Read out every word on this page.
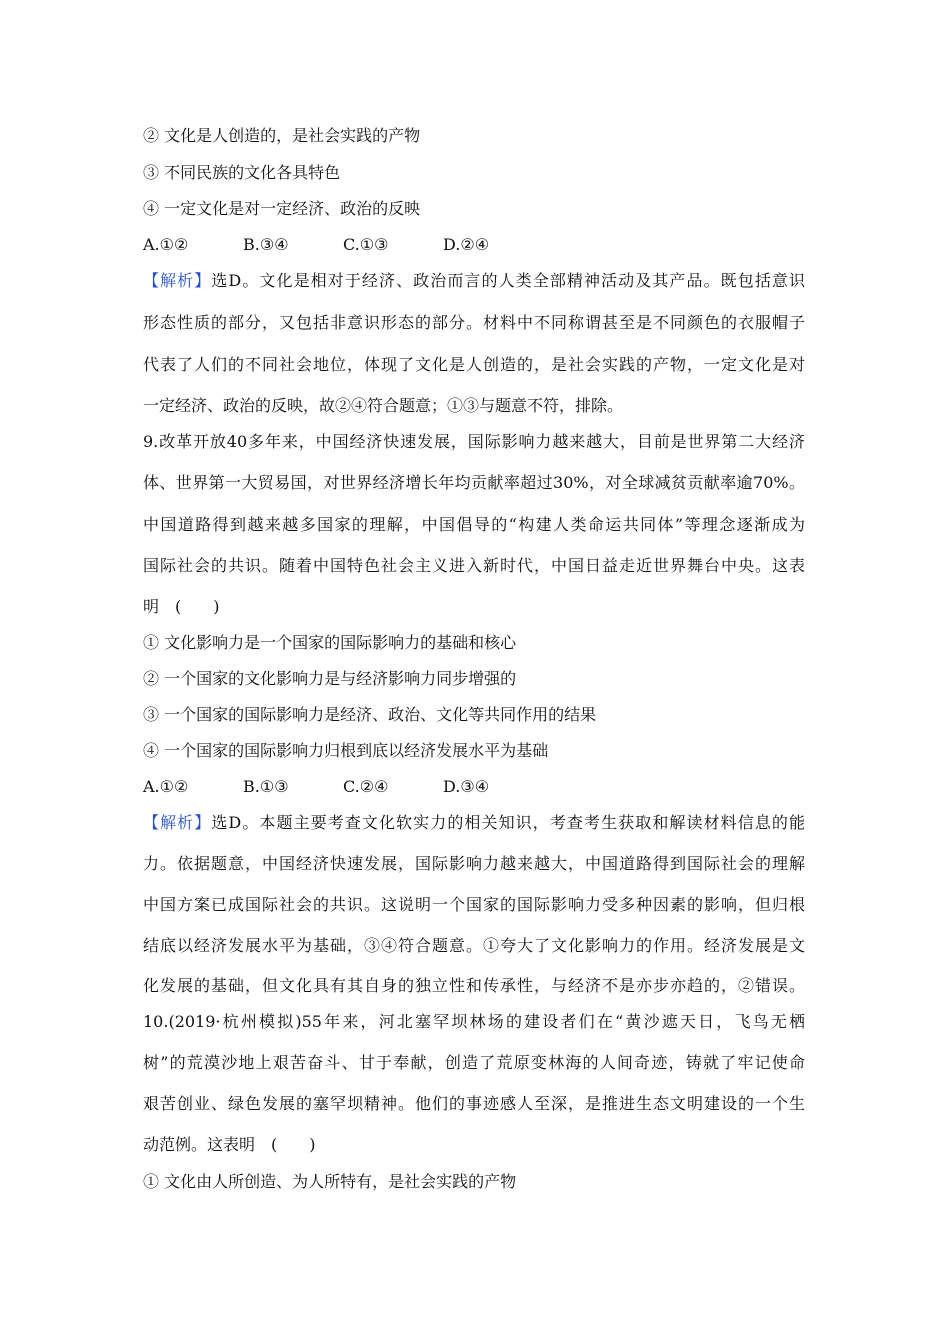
② 文化是人创造的，是社会实践的产物
③ 不同民族的文化各具特色
④ 一定文化是对一定经济、政治的反映
A.①②	B.③④	C.①③	D.②④
【解析】选D。文化是相对于经济、政治而言的人类全部精神活动及其产品。既包括意识
形态性质的部分，又包括非意识形态的部分。材料中不同称谓甚至是不同颜色的衣服帽子
代表了人们的不同社会地位，体现了文化是人创造的，是社会实践的产物，一定文化是对
一定经济、政治的反映，故②④符合题意；①③与题意不符，排除。
9.改革开放40多年来，中国经济快速发展，国际影响力越来越大，目前是世界第二大经济
体、世界第一大贸易国，对世界经济增长年均贡献率超过30%，对全球减贫贡献率逾70%。
中国道路得到越来越多国家的理解，中国倡导的“构建人类命运共同体”等理念逐渐成为
国际社会的共识。随着中国特色社会主义进入新时代，中国日益走近世界舞台中央。这表
明　(　　)
① 文化影响力是一个国家的国际影响力的基础和核心
② 一个国家的文化影响力是与经济影响力同步增强的
③ 一个国家的国际影响力是经济、政治、文化等共同作用的结果
④ 一个国家的国际影响力归根到底以经济发展水平为基础
A.①②	B.①③	C.②④	D.③④
【解析】选D。本题主要考查文化软实力的相关知识，考查考生获取和解读材料信息的能
力。依据题意，中国经济快速发展，国际影响力越来越大，中国道路得到国际社会的理解
中国方案已成国际社会的共识。这说明一个国家的国际影响力受多种因素的影响，但归根
结底以经济发展水平为基础，③④符合题意。①夸大了文化影响力的作用。经济发展是文
化发展的基础，但文化具有其自身的独立性和传承性，与经济不是亦步亦趋的，②错误。
10.(2019·杭州模拟)55年来，河北塞罕坝林场的建设者们在“黄沙遮天日，飞鸟无栖
树”的荒漠沙地上艰苦奋斗、甘于奉献，创造了荒原变林海的人间奇迹，铸就了牢记使命
艰苦创业、绿色发展的塞罕坝精神。他们的事迹感人至深，是推进生态文明建设的一个生
动范例。这表明　(　　)
① 文化由人所创造、为人所特有，是社会实践的产物
